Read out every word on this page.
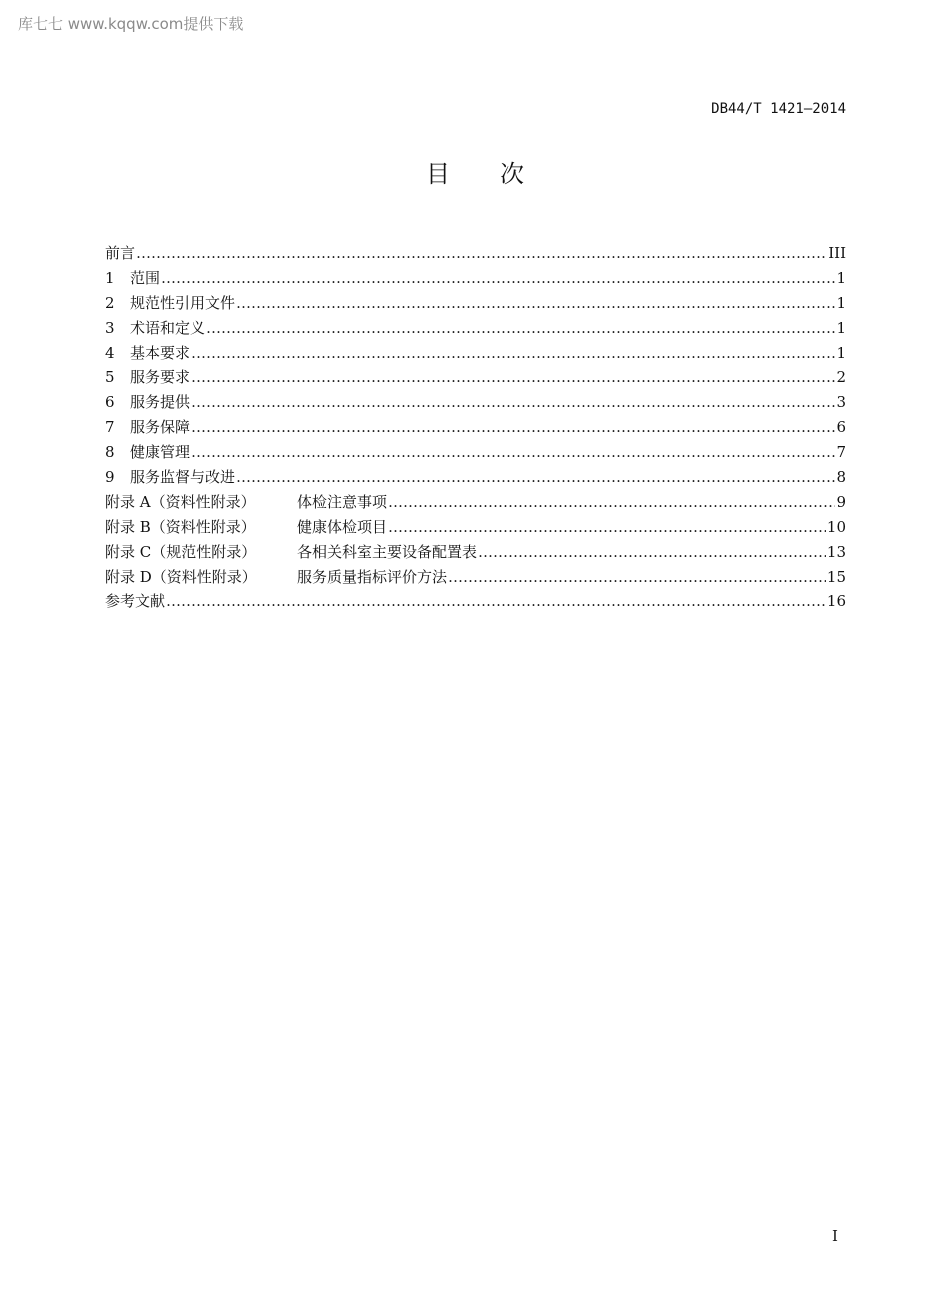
库七七 www.kqqw.com提供下载
DB44/T 1421—2014
目次
前言 ……………………………………………………………………………………………………………………………………………………………………………………	III
1	范围 ……………………………………………………………………………………………………………………………………………………………………………………	1
2	规范性引用文件 ……………………………………………………………………………………………………………………………………………………………………………………	1
3	术语和定义 ……………………………………………………………………………………………………………………………………………………………………………………	1
4	基本要求 ……………………………………………………………………………………………………………………………………………………………………………………	1
5	服务要求 ……………………………………………………………………………………………………………………………………………………………………………………	2
6	服务提供 ……………………………………………………………………………………………………………………………………………………………………………………	3
7	服务保障 ……………………………………………………………………………………………………………………………………………………………………………………	6
8	健康管理 ……………………………………………………………………………………………………………………………………………………………………………………	7
9	服务监督与改进 ……………………………………………………………………………………………………………………………………………………………………………………	8
附录 A（资料性附录）	体检注意事项 ……………………………………………………………………………………………………………………………………………………………………………………	9
附录 B（资料性附录）	健康体检项目 ……………………………………………………………………………………………………………………………………………………………………………………	10
附录 C（规范性附录）	各相关科室主要设备配置表 ……………………………………………………………………………………………………………………………………………………………………………………	13
附录 D（资料性附录）	服务质量指标评价方法 ……………………………………………………………………………………………………………………………………………………………………………………	15
参考文献 ……………………………………………………………………………………………………………………………………………………………………………………	16
I
